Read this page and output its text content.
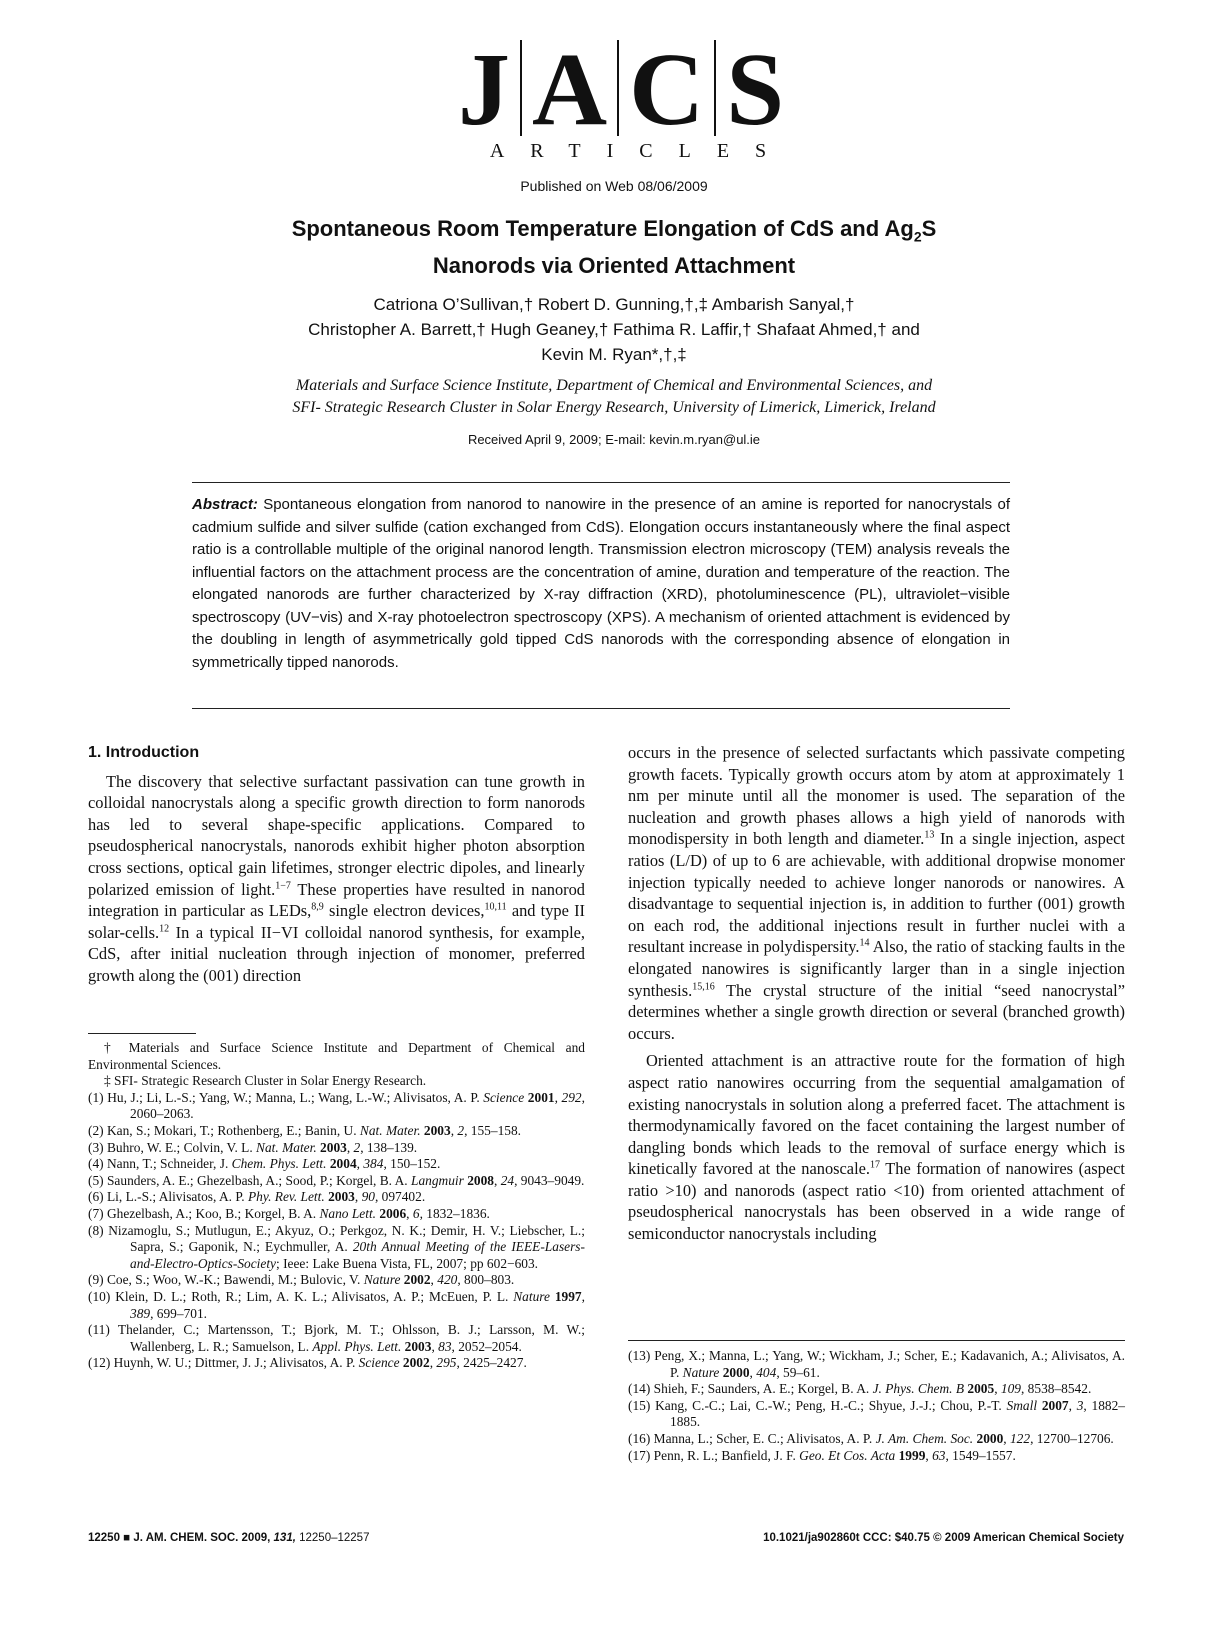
J A C S
ARTICLES
Published on Web 08/06/2009
Spontaneous Room Temperature Elongation of CdS and $Ag_2S$
Nanorods via Oriented Attachment
Catriona O’Sullivan,† Robert D. Gunning,†,‡ Ambarish Sanyal,†
Christopher A. Barrett,† Hugh Geaney,† Fathima R. Laffir,† Shafaat Ahmed,† and
Kevin M. Ryan*,†,‡
Materials and Surface Science Institute, Department of Chemical and Environmental Sciences, and
SFI- Strategic Research Cluster in Solar Energy Research, University of Limerick, Limerick, Ireland
Received April 9, 2009; E-mail: kevin.m.ryan@ul.ie
Abstract: Spontaneous elongation from nanorod to nanowire in the presence of an amine is reported for nanocrystals of cadmium sulfide and silver sulfide (cation exchanged from CdS). Elongation occurs instantaneously where the final aspect ratio is a controllable multiple of the original nanorod length. Transmission electron microscopy (TEM) analysis reveals the influential factors on the attachment process are the concentration of amine, duration and temperature of the reaction. The elongated nanorods are further characterized by X-ray diffraction (XRD), photoluminescence (PL), ultraviolet−visible spectroscopy (UV−vis) and X-ray photoelectron spectroscopy (XPS). A mechanism of oriented attachment is evidenced by the doubling in length of asymmetrically gold tipped CdS nanorods with the corresponding absence of elongation in symmetrically tipped nanorods.
1. Introduction

The discovery that selective surfactant passivation can tune growth in colloidal nanocrystals along a specific growth direction to form nanorods has led to several shape-specific applications. Compared to pseudospherical nanocrystals, nanorods exhibit higher photon absorption cross sections, optical gain lifetimes, stronger electric dipoles, and linearly polarized emission of light.$^{1-7}$ These properties have resulted in nanorod integration in particular as LEDs,$^{8,9}$ single electron devices,$^{10,11}$ and type II solar-cells.$^{12}$ In a typical II−VI colloidal nanorod synthesis, for example, CdS, after initial nucleation through injection of monomer, preferred growth along the (001) direction

† Materials and Surface Science Institute and Department of Chemical and Environmental Sciences.
‡ SFI- Strategic Research Cluster in Solar Energy Research.
(1) Hu, J.; Li, L.-S.; Yang, W.; Manna, L.; Wang, L.-W.; Alivisatos, A. P. Science 2001, 292, 2060–2063.
(2) Kan, S.; Mokari, T.; Rothenberg, E.; Banin, U. Nat. Mater. 2003, 2, 155–158.
(3) Buhro, W. E.; Colvin, V. L. Nat. Mater. 2003, 2, 138–139.
(4) Nann, T.; Schneider, J. Chem. Phys. Lett. 2004, 384, 150–152.
(5) Saunders, A. E.; Ghezelbash, A.; Sood, P.; Korgel, B. A. Langmuir 2008, 24, 9043–9049.
(6) Li, L.-S.; Alivisatos, A. P. Phy. Rev. Lett. 2003, 90, 097402.
(7) Ghezelbash, A.; Koo, B.; Korgel, B. A. Nano Lett. 2006, 6, 1832–1836.
(8) Nizamoglu, S.; Mutlugun, E.; Akyuz, O.; Perkgoz, N. K.; Demir, H. V.; Liebscher, L.; Sapra, S.; Gaponik, N.; Eychmuller, A. 20th Annual Meeting of the IEEE-Lasers-and-Electro-Optics-Society; Ieee: Lake Buena Vista, FL, 2007; pp 602−603.
(9) Coe, S.; Woo, W.-K.; Bawendi, M.; Bulovic, V. Nature 2002, 420, 800–803.
(10) Klein, D. L.; Roth, R.; Lim, A. K. L.; Alivisatos, A. P.; McEuen, P. L. Nature 1997, 389, 699–701.
(11) Thelander, C.; Martensson, T.; Bjork, M. T.; Ohlsson, B. J.; Larsson, M. W.; Wallenberg, L. R.; Samuelson, L. Appl. Phys. Lett. 2003, 83, 2052–2054.
(12) Huynh, W. U.; Dittmer, J. J.; Alivisatos, A. P. Science 2002, 295, 2425–2427.

occurs in the presence of selected surfactants which passivate competing growth facets. Typically growth occurs atom by atom at approximately 1 nm per minute until all the monomer is used. The separation of the nucleation and growth phases allows a high yield of nanorods with monodispersity in both length and diameter.$^{13}$ In a single injection, aspect ratios (L/D) of up to 6 are achievable, with additional dropwise monomer injection typically needed to achieve longer nanorods or nanowires. A disadvantage to sequential injection is, in addition to further (001) growth on each rod, the additional injections result in further nuclei with a resultant increase in polydispersity.$^{14}$ Also, the ratio of stacking faults in the elongated nanowires is significantly larger than in a single injection synthesis.$^{15,16}$ The crystal structure of the initial “seed nanocrystal” determines whether a single growth direction or several (branched growth) occurs.

Oriented attachment is an attractive route for the formation of high aspect ratio nanowires occurring from the sequential amalgamation of existing nanocrystals in solution along a preferred facet. The attachment is thermodynamically favored on the facet containing the largest number of dangling bonds which leads to the removal of surface energy which is kinetically favored at the nanoscale.$^{17}$ The formation of nanowires (aspect ratio >10) and nanorods (aspect ratio <10) from oriented attachment of pseudospherical nanocrystals has been observed in a wide range of semiconductor nanocrystals including

(13) Peng, X.; Manna, L.; Yang, W.; Wickham, J.; Scher, E.; Kadavanich, A.; Alivisatos, A. P. Nature 2000, 404, 59–61.
(14) Shieh, F.; Saunders, A. E.; Korgel, B. A. J. Phys. Chem. B 2005, 109, 8538–8542.
(15) Kang, C.-C.; Lai, C.-W.; Peng, H.-C.; Shyue, J.-J.; Chou, P.-T. Small 2007, 3, 1882–1885.
(16) Manna, L.; Scher, E. C.; Alivisatos, A. P. J. Am. Chem. Soc. 2000, 122, 12700–12706.
(17) Penn, R. L.; Banfield, J. F. Geo. Et Cos. Acta 1999, 63, 1549–1557.
12250 ■ J. AM. CHEM. SOC. 2009, 131, 12250–12257	10.1021/ja902860t CCC: $40.75 © 2009 American Chemical Society
